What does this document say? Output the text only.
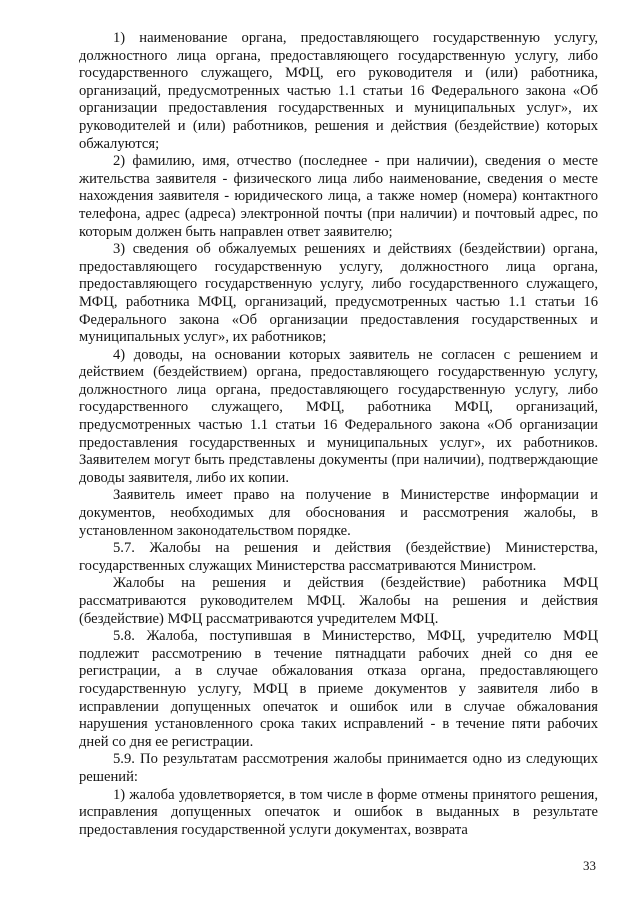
1) наименование органа, предоставляющего государственную услугу, должностного лица органа, предоставляющего государственную услугу, либо государственного служащего, МФЦ, его руководителя и (или) работника, организаций, предусмотренных частью 1.1 статьи 16 Федерального закона «Об организации предоставления государственных и муниципальных услуг», их руководителей и (или) работников, решения и действия (бездействие) которых обжалуются;

2) фамилию, имя, отчество (последнее - при наличии), сведения о месте жительства заявителя - физического лица либо наименование, сведения о месте нахождения заявителя - юридического лица, а также номер (номера) контактного телефона, адрес (адреса) электронной почты (при наличии) и почтовый адрес, по которым должен быть направлен ответ заявителю;

3) сведения об обжалуемых решениях и действиях (бездействии) органа, предоставляющего государственную услугу, должностного лица органа, предоставляющего государственную услугу, либо государственного служащего, МФЦ, работника МФЦ, организаций, предусмотренных частью 1.1 статьи 16 Федерального закона «Об организации предоставления государственных и муниципальных услуг», их работников;

4) доводы, на основании которых заявитель не согласен с решением и действием (бездействием) органа, предоставляющего государственную услугу, должностного лица органа, предоставляющего государственную услугу, либо государственного служащего, МФЦ, работника МФЦ, организаций, предусмотренных частью 1.1 статьи 16 Федерального закона «Об организации предоставления государственных и муниципальных услуг», их работников. Заявителем могут быть представлены документы (при наличии), подтверждающие доводы заявителя, либо их копии.

Заявитель имеет право на получение в Министерстве информации и документов, необходимых для обоснования и рассмотрения жалобы, в установленном законодательством порядке.

5.7. Жалобы на решения и действия (бездействие) Министерства, государственных служащих Министерства рассматриваются Министром.

Жалобы на решения и действия (бездействие) работника МФЦ рассматриваются руководителем МФЦ. Жалобы на решения и действия (бездействие) МФЦ рассматриваются учредителем МФЦ.

5.8. Жалоба, поступившая в Министерство, МФЦ, учредителю МФЦ подлежит рассмотрению в течение пятнадцати рабочих дней со дня ее регистрации, а в случае обжалования отказа органа, предоставляющего государственную услугу, МФЦ в приеме документов у заявителя либо в исправлении допущенных опечаток и ошибок или в случае обжалования нарушения установленного срока таких исправлений - в течение пяти рабочих дней со дня ее регистрации.

5.9. По результатам рассмотрения жалобы принимается одно из следующих решений:

1) жалоба удовлетворяется, в том числе в форме отмены принятого решения, исправления допущенных опечаток и ошибок в выданных в результате предоставления государственной услуги документах, возврата

33
